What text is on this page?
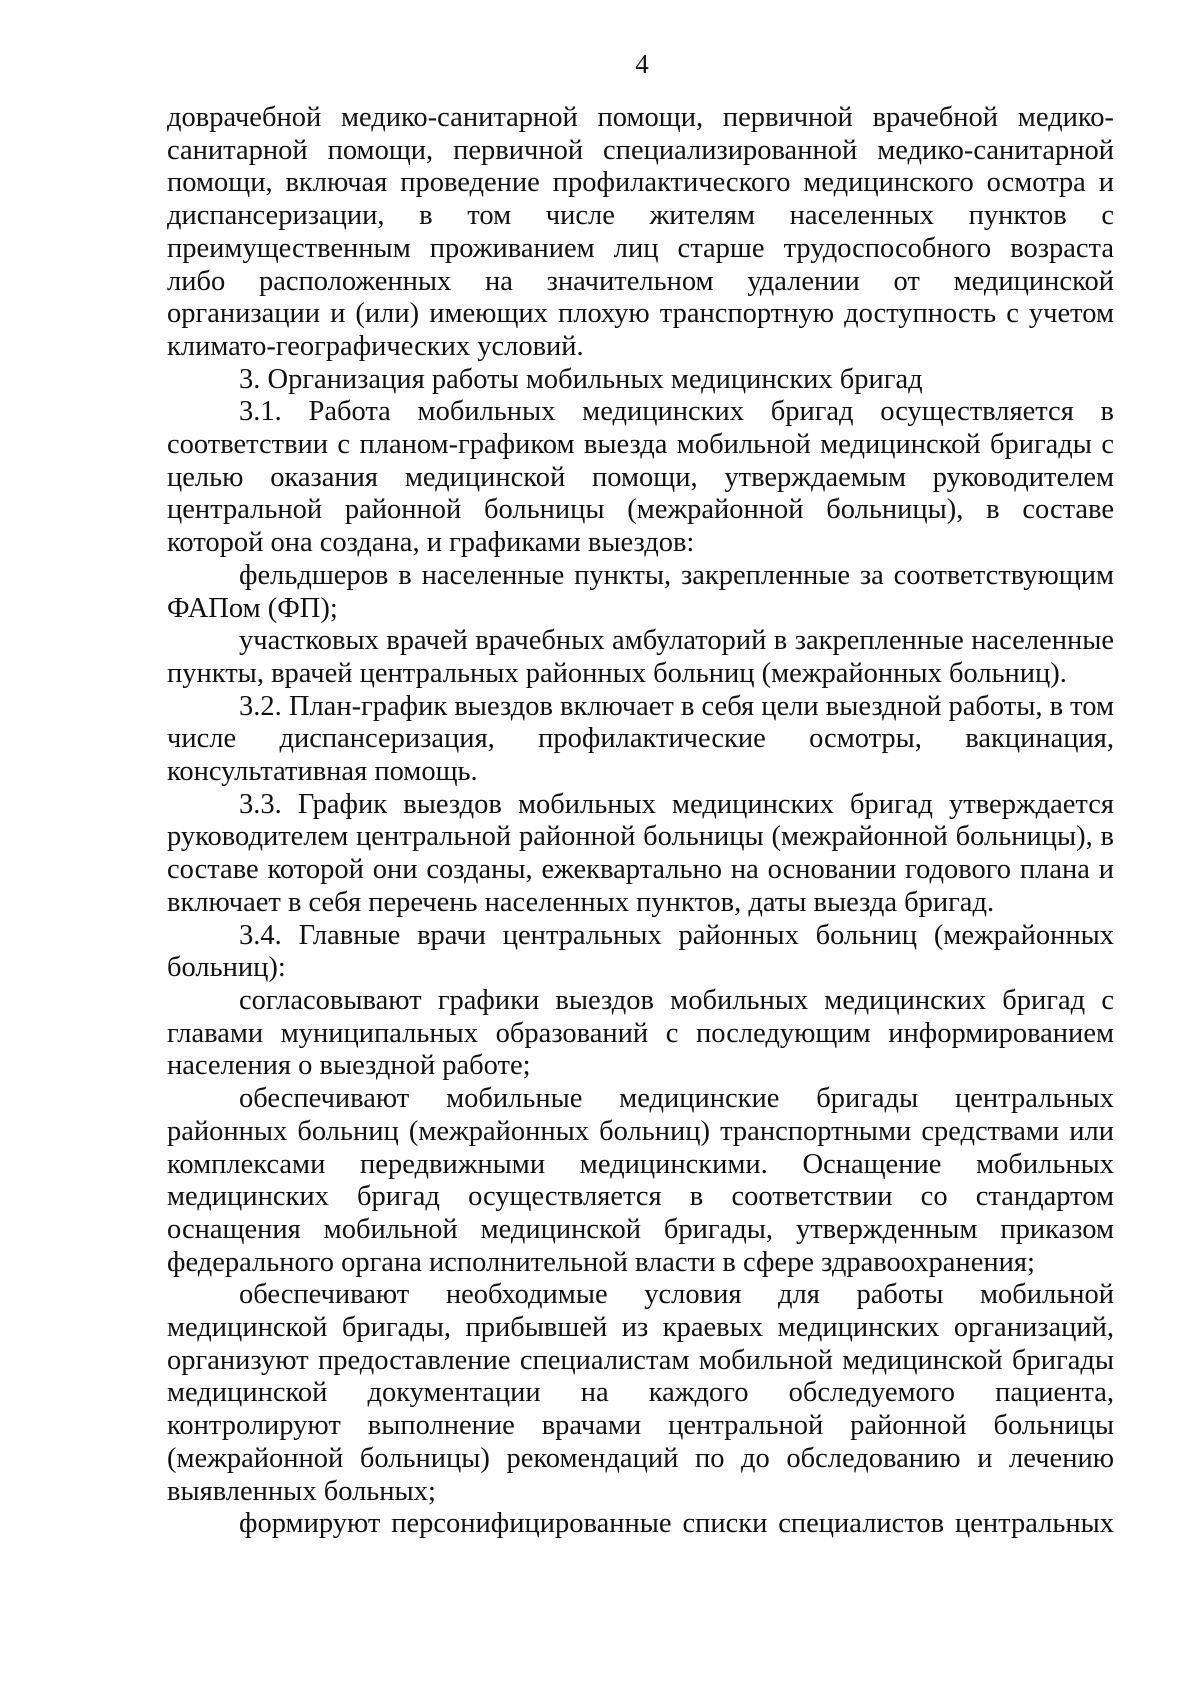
4

доврачебной медико-санитарной помощи, первичной врачебной медико-санитарной помощи, первичной специализированной медико-санитарной помощи, включая проведение профилактического медицинского осмотра и диспансеризации, в том числе жителям населенных пунктов с преимущественным проживанием лиц старше трудоспособного возраста либо расположенных на значительном удалении от медицинской организации и (или) имеющих плохую транспортную доступность с учетом климато-географических условий.

3. Организация работы мобильных медицинских бригад

3.1. Работа мобильных медицинских бригад осуществляется в соответствии с планом-графиком выезда мобильной медицинской бригады с целью оказания медицинской помощи, утверждаемым руководителем центральной районной больницы (межрайонной больницы), в составе которой она создана, и графиками выездов:

фельдшеров в населенные пункты, закрепленные за соответствующим ФАПом (ФП);

участковых врачей врачебных амбулаторий в закрепленные населенные пункты, врачей центральных районных больниц (межрайонных больниц).

3.2. План-график выездов включает в себя цели выездной работы, в том числе диспансеризация, профилактические осмотры, вакцинация, консультативная помощь.

3.3. График выездов мобильных медицинских бригад утверждается руководителем центральной районной больницы (межрайонной больницы), в составе которой они созданы, ежеквартально на основании годового плана и включает в себя перечень населенных пунктов, даты выезда бригад.

3.4. Главные врачи центральных районных больниц (межрайонных больниц):

согласовывают графики выездов мобильных медицинских бригад с главами муниципальных образований с последующим информированием населения о выездной работе;

обеспечивают мобильные медицинские бригады центральных районных больниц (межрайонных больниц) транспортными средствами или комплексами передвижными медицинскими. Оснащение мобильных медицинских бригад осуществляется в соответствии со стандартом оснащения мобильной медицинской бригады, утвержденным приказом федерального органа исполнительной власти в сфере здравоохранения;

обеспечивают необходимые условия для работы мобильной медицинской бригады, прибывшей из краевых медицинских организаций, организуют предоставление специалистам мобильной медицинской бригады медицинской документации на каждого обследуемого пациента, контролируют выполнение врачами центральной районной больницы (межрайонной больницы) рекомендаций по до обследованию и лечению выявленных больных;

формируют персонифицированные списки специалистов центральных
